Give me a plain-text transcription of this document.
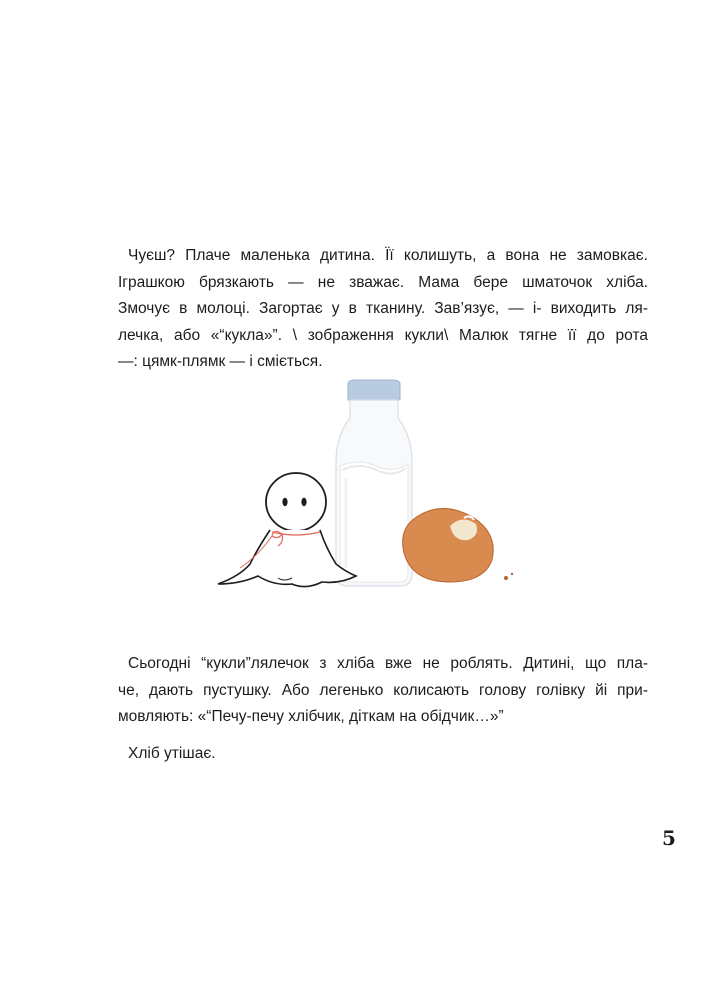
Чуєш? Плаче маленька дитина. Її колишуть, а вона не замовкає.
Іграшкою брязкають — не зважає. Мама бере шматочок хліба.
Змочує в молоці. Загортає у в тканину. Зав’язує, — і- виходить ля-
лечка, або «“кукла»”. \ зображення кукли\ Малюк тягне її до рота
—: цямк-плямк — і сміється.
Сьогодні “кукли”лялечок з хліба вже не роблять. Дитині, що пла-
че, дають пустушку. Або легенько колисають голову голівку йі при-
мовляють: «“Печу-печу хлібчик, діткам на обідчик…»”
Хліб утішає.
5
